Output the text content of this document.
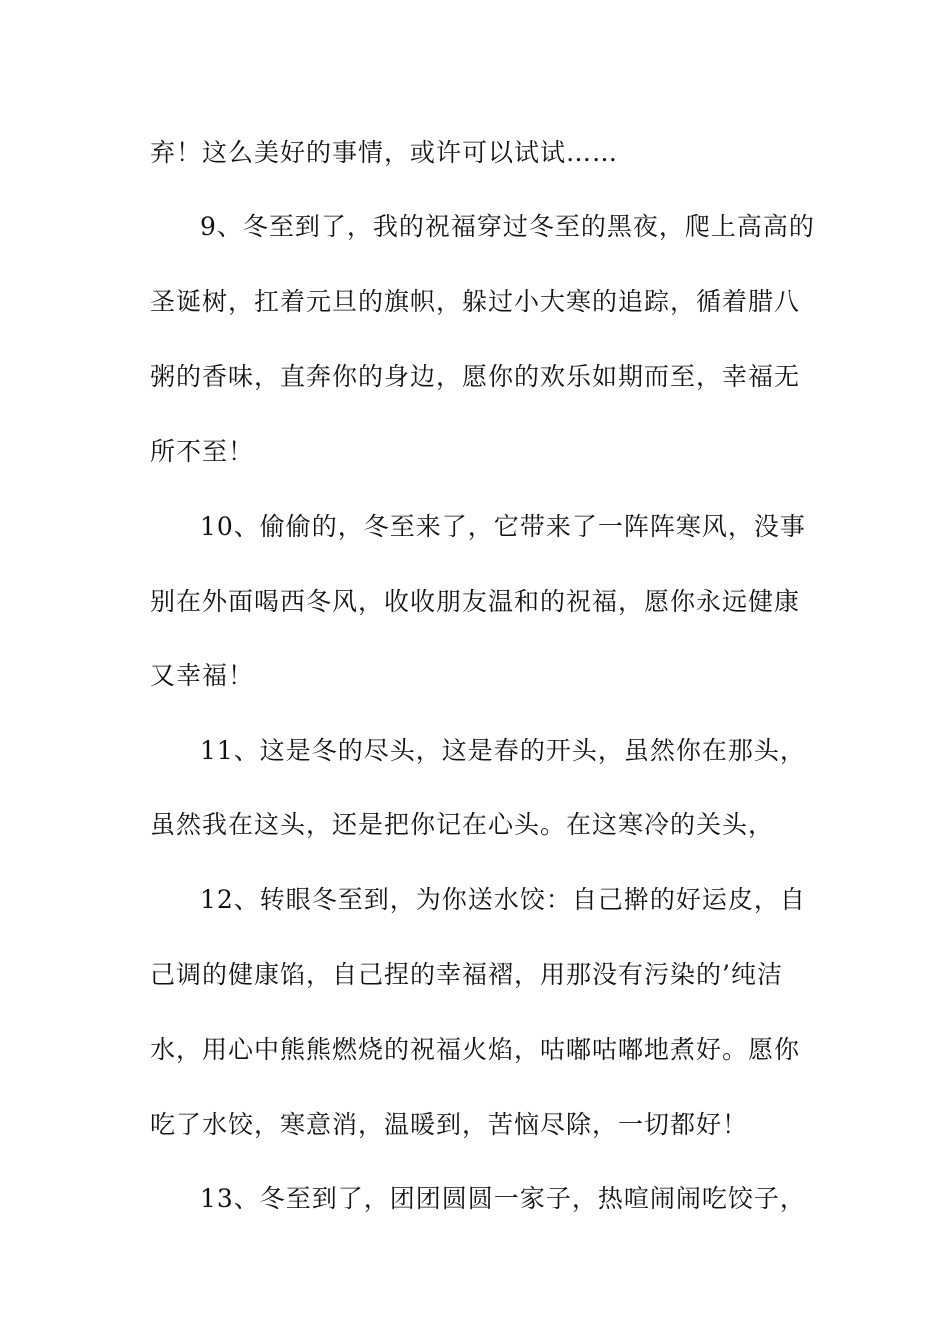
弃！这么美好的事情，或许可以试试……
9、冬至到了，我的祝福穿过冬至的黑夜，爬上高高的
圣诞树，扛着元旦的旗帜，躲过小大寒的追踪，循着腊八
粥的香味，直奔你的身边，愿你的欢乐如期而至，幸福无
所不至！
10、偷偷的，冬至来了，它带来了一阵阵寒风，没事
别在外面喝西冬风，收收朋友温和的祝福，愿你永远健康
又幸福！
11、这是冬的尽头，这是春的开头，虽然你在那头，
虽然我在这头，还是把你记在心头。在这寒冷的关头，
12、转眼冬至到，为你送水饺：自己擀的好运皮，自
己调的健康馅，自己捏的幸福褶，用那没有污染的’纯洁
水，用心中熊熊燃烧的祝福火焰，咕嘟咕嘟地煮好。愿你
吃了水饺，寒意消，温暖到，苦恼尽除，一切都好！
13、冬至到了，团团圆圆一家子，热喧闹闹吃饺子，
